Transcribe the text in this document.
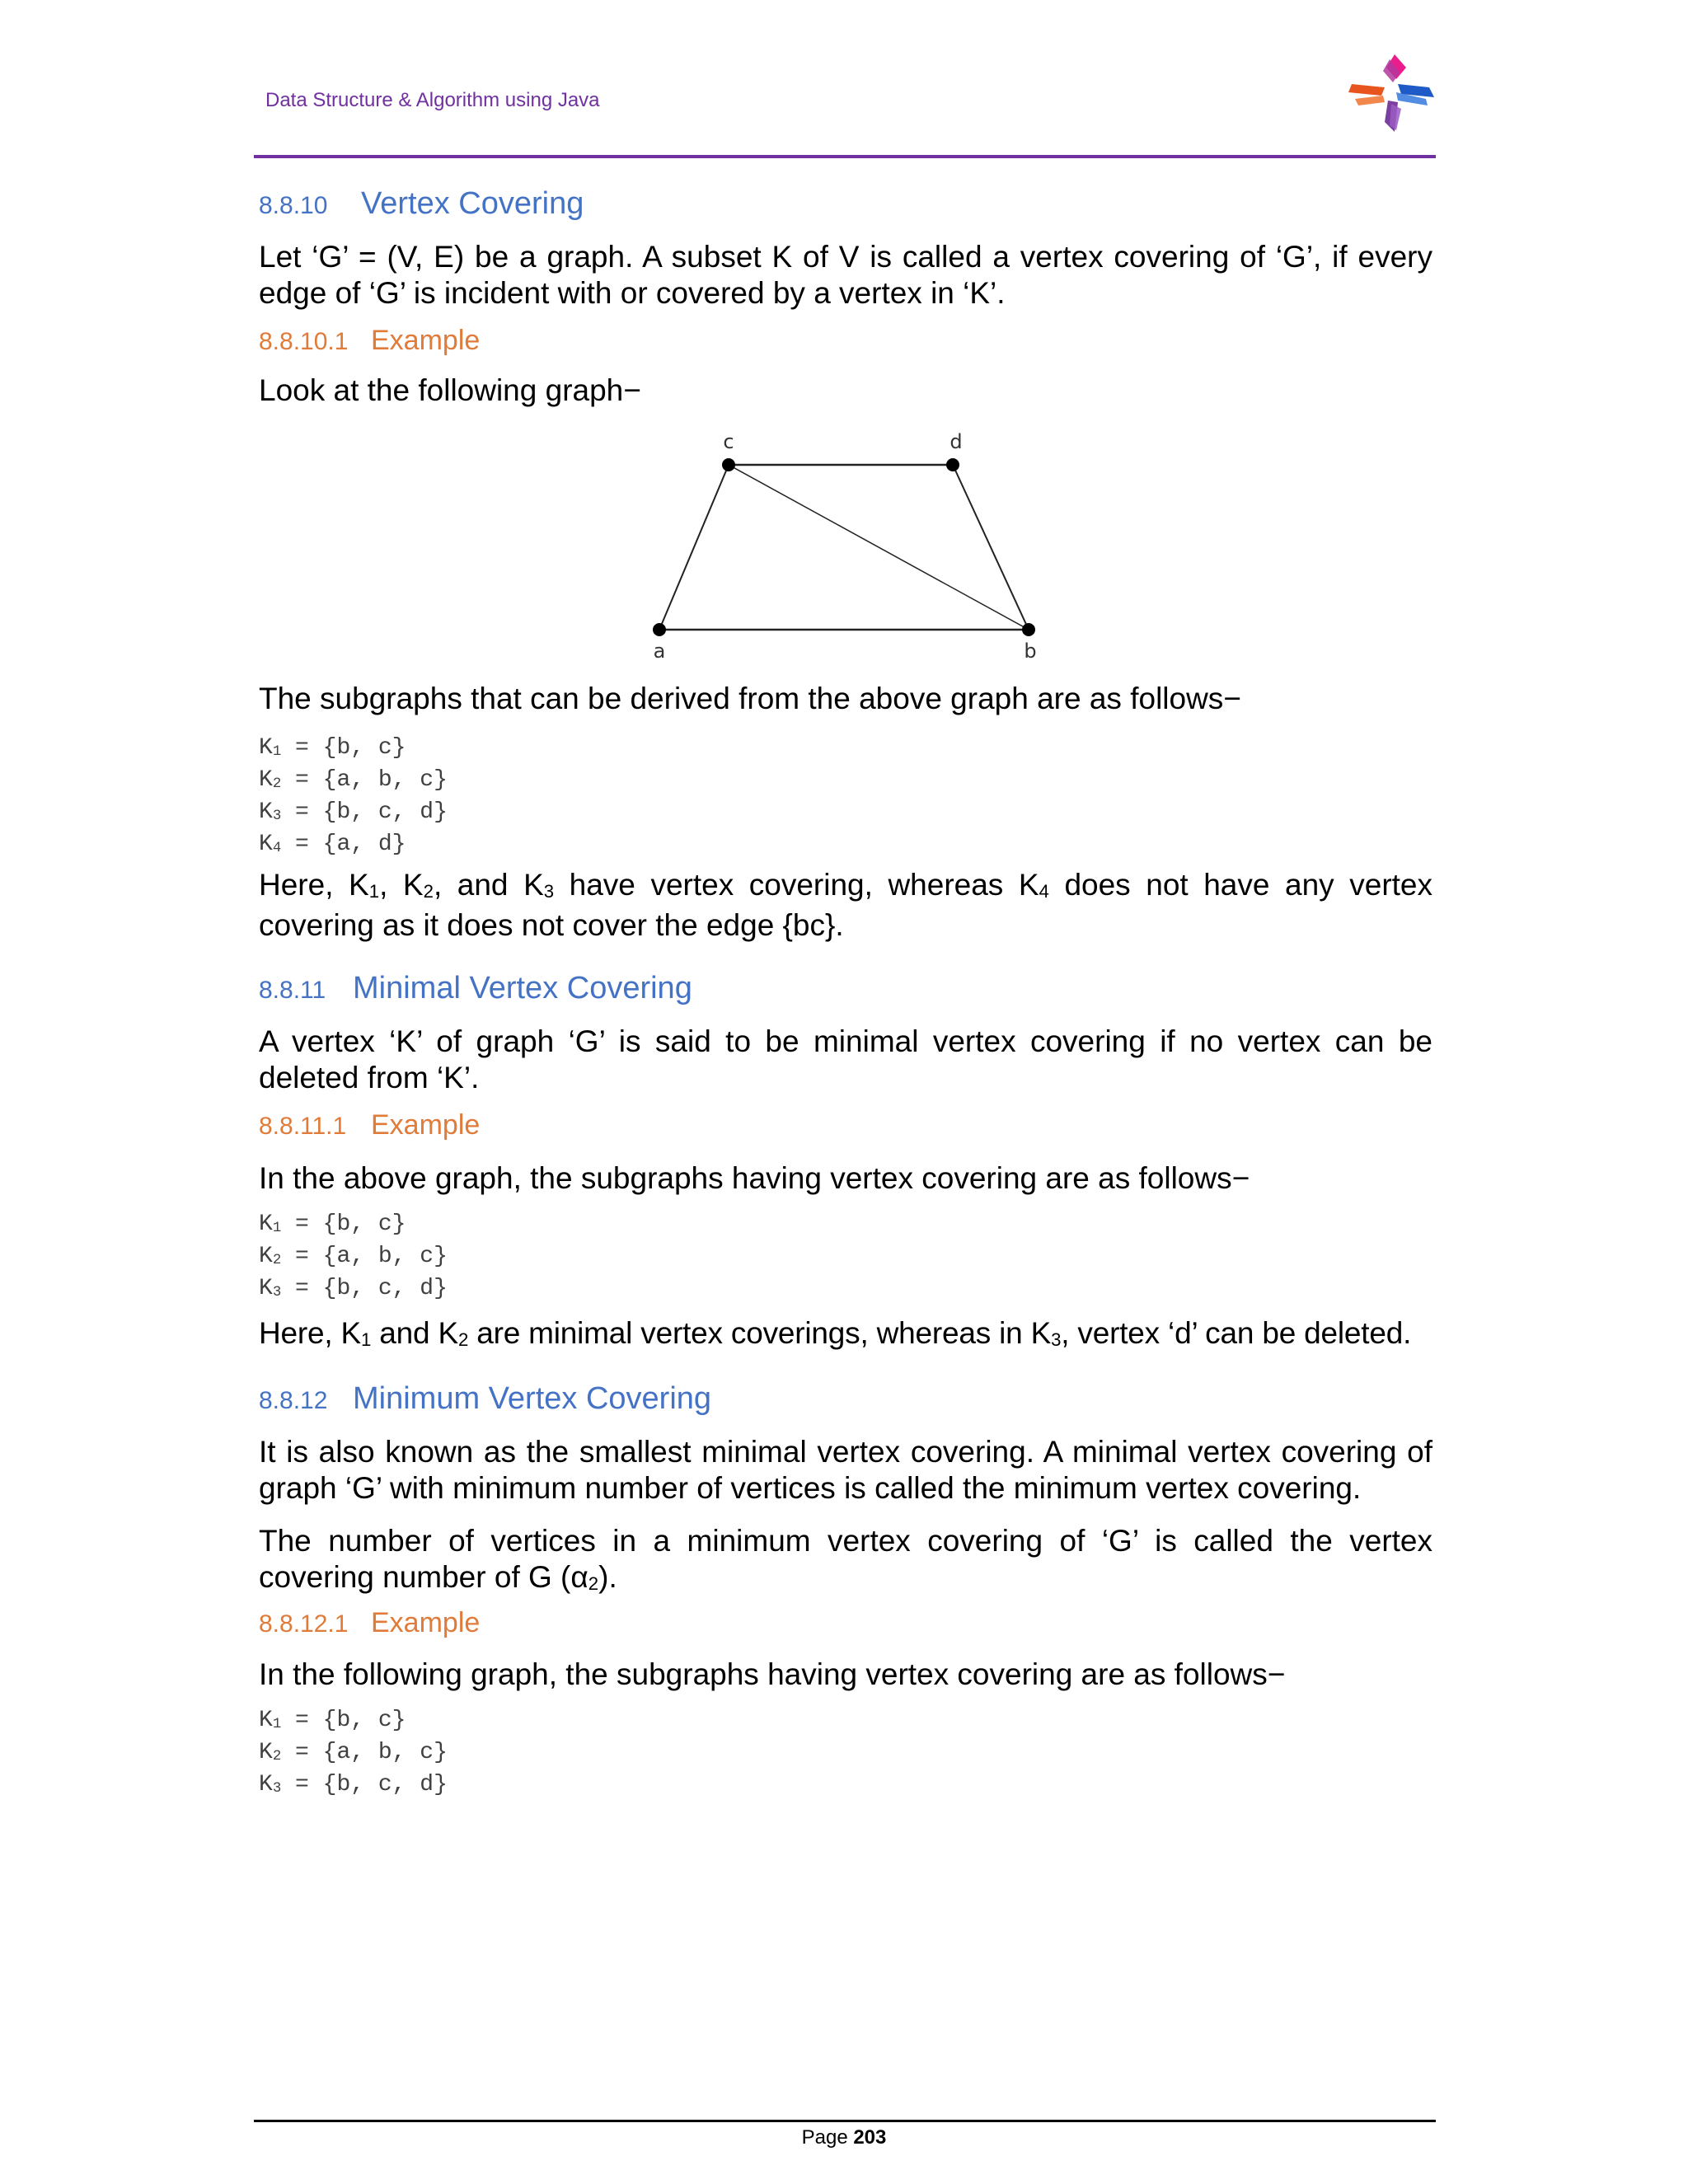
Data Structure & Algorithm using Java
8.8.10 Vertex Covering
Let ‘G’ = (V, E) be a graph. A subset K of V is called a vertex covering of ‘G’, if every edge of ‘G’ is incident with or covered by a vertex in ‘K’.
8.8.10.1 Example
Look at the following graph−
The subgraphs that can be derived from the above graph are as follows−
$K_1 = \{b$, c}
$K_2 = \{a$, b, c}
$K_3 = \{b$, c, d}
$K_4 = \{a$, d}
Here, $K_1$, $K_2$, and $K_3$ have vertex covering, whereas $K_4$ does not have any vertex covering as it does not cover the edge {bc}.
8.8.11 Minimal Vertex Covering
A vertex ‘K’ of graph ‘G’ is said to be minimal vertex covering if no vertex can be deleted from ‘K’.
8.8.11.1 Example
In the above graph, the subgraphs having vertex covering are as follows−
$K_1 = \{b$, c}
$K_2 = \{a$, b, c}
$K_3 = \{b$, c, d}
Here, $K_1$ and $K_2$ are minimal vertex coverings, whereas in $K_3$, vertex ‘d’ can be deleted.
8.8.12 Minimum Vertex Covering
It is also known as the smallest minimal vertex covering. A minimal vertex covering of graph ‘G’ with minimum number of vertices is called the minimum vertex covering.
The number of vertices in a minimum vertex covering of ‘G’ is called the vertex covering number of G $(\alpha_2)$.
8.8.12.1 Example
In the following graph, the subgraphs having vertex covering are as follows−
$K_1 = \{b$, c}
$K_2 = \{a$, b, c}
$K_3 = \{b$, c, d}
c	d
a	b
Page 203
